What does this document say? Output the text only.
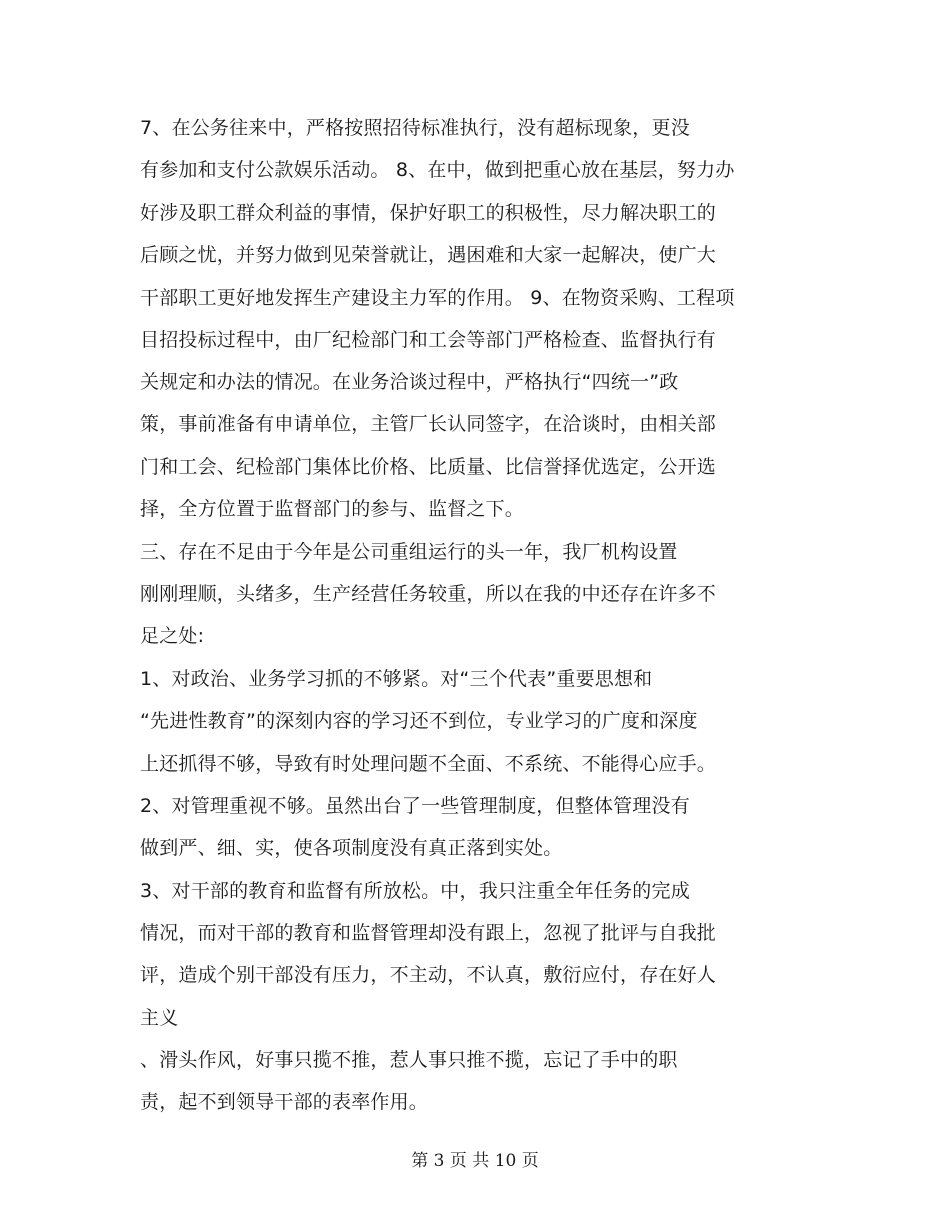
7、在公务往来中，严格按照招待标准执行，没有超标现象，更没
有参加和支付公款娱乐活动。 8、在中，做到把重心放在基层，努力办
好涉及职工群众利益的事情，保护好职工的积极性，尽力解决职工的
后顾之忧，并努力做到见荣誉就让，遇困难和大家一起解决，使广大
干部职工更好地发挥生产建设主力军的作用。 9、在物资采购、工程项
目招投标过程中，由厂纪检部门和工会等部门严格检查、监督执行有
关规定和办法的情况。在业务洽谈过程中，严格执行“四统一”政
策，事前准备有申请单位，主管厂长认同签字，在洽谈时，由相关部
门和工会、纪检部门集体比价格、比质量、比信誉择优选定，公开选
择，全方位置于监督部门的参与、监督之下。
三、存在不足由于今年是公司重组运行的头一年，我厂机构设置
刚刚理顺，头绪多，生产经营任务较重，所以在我的中还存在许多不
足之处:
1、对政治、业务学习抓的不够紧。对“三个代表”重要思想和
“先进性教育”的深刻内容的学习还不到位，专业学习的广度和深度
上还抓得不够，导致有时处理问题不全面、不系统、不能得心应手。
2、对管理重视不够。虽然出台了一些管理制度，但整体管理没有
做到严、细、实，使各项制度没有真正落到实处。
3、对干部的教育和监督有所放松。中，我只注重全年任务的完成
情况，而对干部的教育和监督管理却没有跟上，忽视了批评与自我批
评，造成个别干部没有压力，不主动，不认真，敷衍应付，存在好人
主义
、滑头作风，好事只揽不推，惹人事只推不揽，忘记了手中的职
责，起不到领导干部的表率作用。
第 3 页 共 10 页
